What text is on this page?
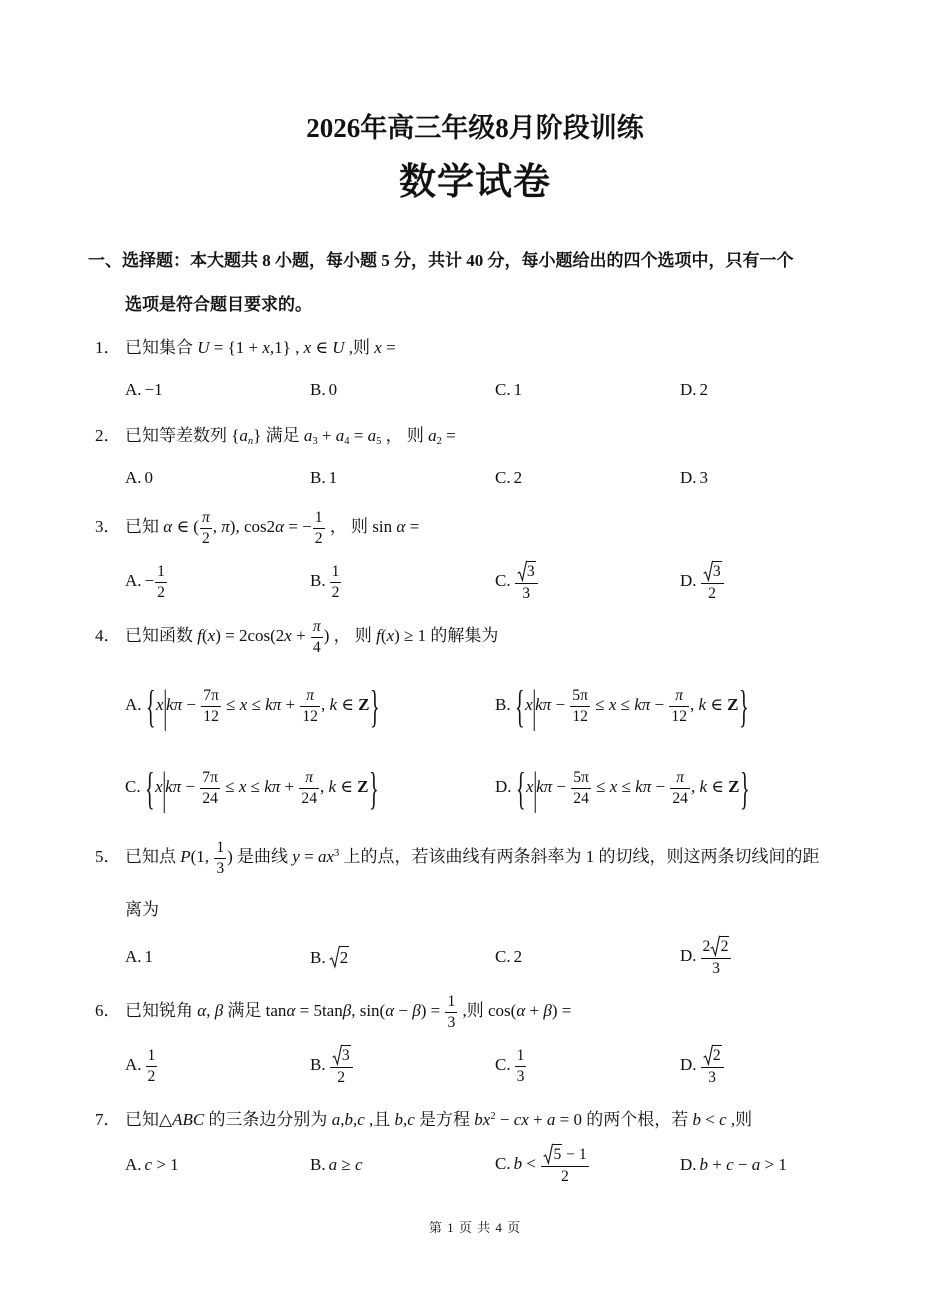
2026年高三年级8月阶段训练
数学试卷
一、选择题：本大题共 8 小题，每小题 5 分，共计 40 分，每小题给出的四个选项中，只有一个
选项是符合题目要求的。
1． 已知集合 U = {1 + x,1} , x ∈ U ,则 x =
A. −1	B. 0	C. 1	D. 2
2． 已知等差数列 $\{a_n\}$ 满足 $a_3 + a_4 = a_5$ ， 则 $a_2$ =
A. 0	B. 1	C. 2	D. 3
3． 已知 α ∈ ( $\frac{\pi}{2}$ , π), cos2α = − $\frac{1}{2}$ ， 则 sin α =
A. − $\frac{1}{2}$	B. $\frac{1}{2}$	C. $\frac{3}{3}$	D. $\frac{3}{2}$
4． 已知函数 $f(x) = 2\cos(2x + \frac{\pi}{4}$ ) ， 则 f(x) ≥ 1 的解集为
A. {$x|k\pi - \frac{7\pi}{12} \le x \le k\pi + \frac{\pi}{12}$ , k ∈ Z}	B. {$x|k\pi - \frac{5\pi}{12} \le x \le k\pi - \frac{\pi}{12}$ , k ∈ Z}
C. {$x|k\pi - \frac{7\pi}{24} \le x \le k\pi + \frac{\pi}{24}$ , k ∈ Z}	D. {$x|k\pi - \frac{5\pi}{24} \le x \le k\pi - \frac{\pi}{24}$ , k ∈ Z}
5． 已知点 P(1, $\frac{1}{3}$ ) 是曲线 $y = ax^3$ 上的点，若该曲线有两条斜率为 1 的切线，则这两条切线间的距
离为
A. 1	B. 2	C. 2	D. $\frac{2 2}{3}$
6． 已知锐角 α, β 满足 tanα = 5tanβ, $\sin(\alpha - \beta) = \frac{1}{3}$ ,则 cos(α + β) =
A. $\frac{1}{2}$	B. $\frac{3}{2}$	C. $\frac{1}{3}$	D. $\frac{2}{3}$
7． 已知△ABC 的三条边分别为 a,b,c ,且 b,c 是方程 $bx^2$ − cx + a = 0 的两个根，若 b < c ,则
A. c > 1	B. a ≥ c	C. $b < \frac{5 - 1}{2}$	D. b + c − a > 1
第 1 页 共 4 页
